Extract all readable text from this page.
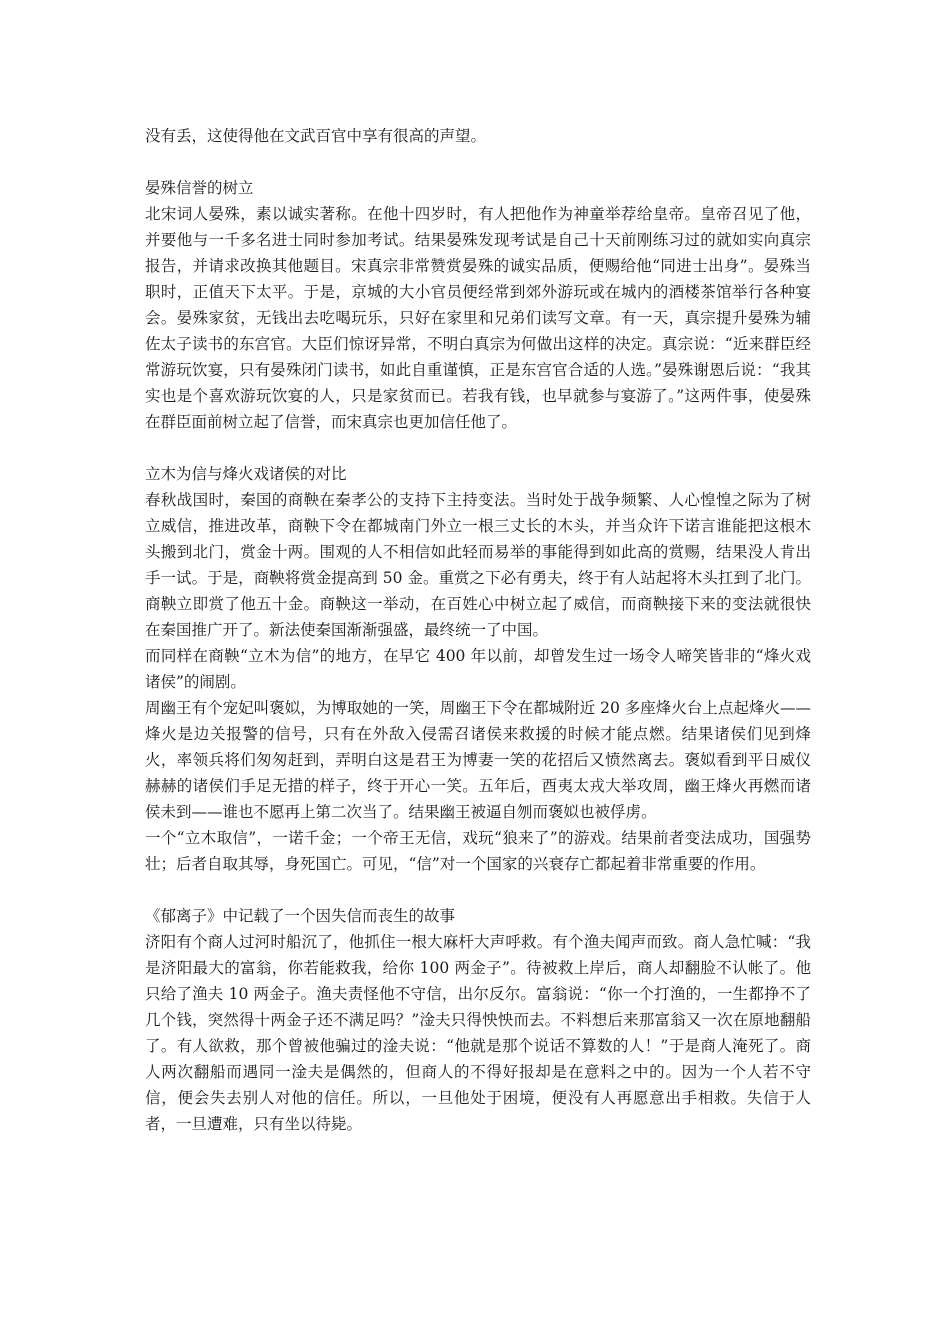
没有丢，这使得他在文武百官中享有很高的声望。

晏殊信誉的树立

北宋词人晏殊，素以诚实著称。在他十四岁时，有人把他作为神童举荐给皇帝。皇帝召见了他，并要他与一千多名进士同时参加考试。结果晏殊发现考试是自己十天前刚练习过的就如实向真宗报告，并请求改换其他题目。宋真宗非常赞赏晏殊的诚实品质，便赐给他“同进士出身”。晏殊当职时，正值天下太平。于是，京城的大小官员便经常到郊外游玩或在城内的酒楼茶馆举行各种宴会。晏殊家贫，无钱出去吃喝玩乐，只好在家里和兄弟们读写文章。有一天，真宗提升晏殊为辅佐太子读书的东宫官。大臣们惊讶异常，不明白真宗为何做出这样的决定。真宗说：“近来群臣经常游玩饮宴，只有晏殊闭门读书，如此自重谨慎，正是东宫官合适的人选。”晏殊谢恩后说：“我其实也是个喜欢游玩饮宴的人，只是家贫而已。若我有钱，也早就参与宴游了。”这两件事，使晏殊在群臣面前树立起了信誉，而宋真宗也更加信任他了。

立木为信与烽火戏诸侯的对比

春秋战国时，秦国的商鞅在秦孝公的支持下主持变法。当时处于战争频繁、人心惶惶之际为了树立威信，推进改革，商鞅下令在都城南门外立一根三丈长的木头，并当众许下诺言谁能把这根木头搬到北门，赏金十两。围观的人不相信如此轻而易举的事能得到如此高的赏赐，结果没人肯出手一试。于是，商鞅将赏金提高到 50 金。重赏之下必有勇夫，终于有人站起将木头扛到了北门。商鞅立即赏了他五十金。商鞅这一举动，在百姓心中树立起了威信，而商鞅接下来的变法就很快在秦国推广开了。新法使秦国渐渐强盛，最终统一了中国。

而同样在商鞅“立木为信”的地方，在早它 400 年以前，却曾发生过一场令人啼笑皆非的“烽火戏诸侯”的闹剧。

周幽王有个宠妃叫褒姒，为博取她的一笑，周幽王下令在都城附近 20 多座烽火台上点起烽火——烽火是边关报警的信号，只有在外敌入侵需召诸侯来救援的时候才能点燃。结果诸侯们见到烽火，率领兵将们匆匆赶到，弄明白这是君王为博妻一笑的花招后又愤然离去。褒姒看到平日威仪赫赫的诸侯们手足无措的样子，终于开心一笑。五年后，酉夷太戎大举攻周，幽王烽火再燃而诸侯未到——谁也不愿再上第二次当了。结果幽王被逼自刎而褒姒也被俘虏。

一个“立木取信”，一诺千金；一个帝王无信，戏玩“狼来了”的游戏。结果前者变法成功，国强势壮；后者自取其辱，身死国亡。可见，“信”对一个国家的兴衰存亡都起着非常重要的作用。

《郁离子》中记载了一个因失信而丧生的故事

济阳有个商人过河时船沉了，他抓住一根大麻杆大声呼救。有个渔夫闻声而致。商人急忙喊：“我是济阳最大的富翁，你若能救我，给你 100 两金子”。待被救上岸后，商人却翻脸不认帐了。他只给了渔夫 10 两金子。渔夫责怪他不守信，出尔反尔。富翁说：“你一个打渔的，一生都挣不了几个钱，突然得十两金子还不满足吗？”淦夫只得怏怏而去。不料想后来那富翁又一次在原地翻船了。有人欲救，那个曾被他骗过的淦夫说：“他就是那个说话不算数的人！”于是商人淹死了。商人两次翻船而遇同一淦夫是偶然的，但商人的不得好报却是在意料之中的。因为一个人若不守信，便会失去别人对他的信任。所以，一旦他处于困境，便没有人再愿意出手相救。失信于人者，一旦遭难，只有坐以待毙。
